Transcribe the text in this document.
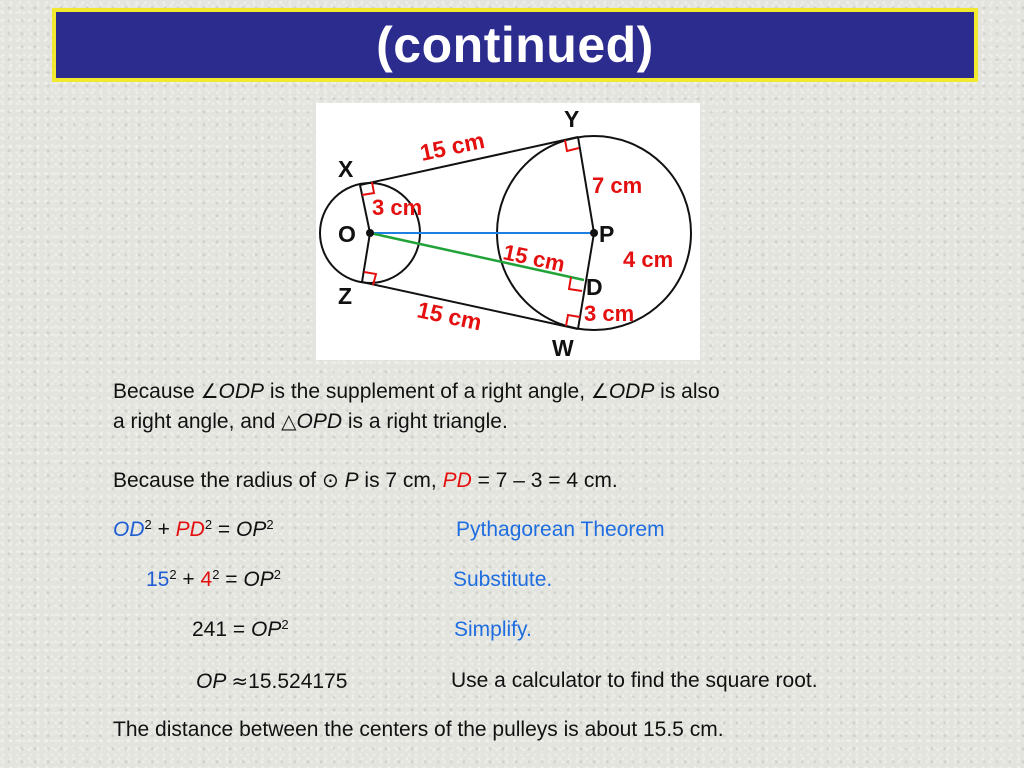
(continued)
X
Y
O	P
Z
W
D
15 cm
15 cm
15 cm
3 cm
7 cm
4 cm
3 cm
Because ∠ODP is the supplement of a right angle, ∠ODP is also
a right angle, and △OPD is a right triangle.
Because the radius of ⊙ P is 7 cm, PD = 7 – 3 = 4 cm.
$OD^2 + PD^2 = OP^2$	Pythagorean Theorem
$15^2 + 4^2 = OP^2$	Substitute.
$241 = OP^2$	Simplify.
OP ≈15.524175	Use a calculator to find the square root.
The distance between the centers of the pulleys is about 15.5 cm.
